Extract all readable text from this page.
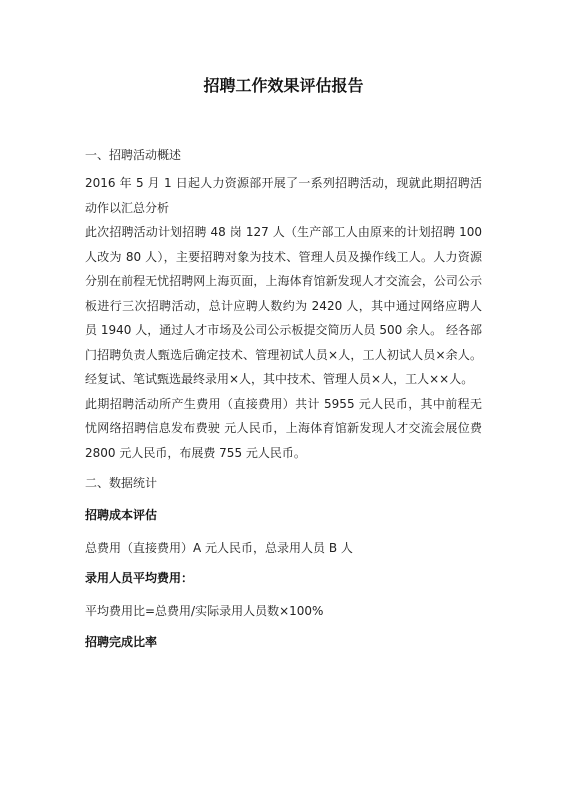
招聘工作效果评估报告

一、招聘活动概述

2016 年 5 月 1 日起人力资源部开展了一系列招聘活动，现就此期招聘活动作以汇总分析

此次招聘活动计划招聘 48 岗 127 人（生产部工人由原来的计划招聘 100 人改为 80 人），主要招聘对象为技术、管理人员及操作线工人。人力资源分别在前程无忧招聘网上海页面，上海体育馆新发现人才交流会，公司公示板进行三次招聘活动，总计应聘人数约为 2420 人，其中通过网络应聘人员 1940 人，通过人才市场及公司公示板提交简历人员 500 余人。 经各部门招聘负责人甄选后确定技术、管理初试人员×人，工人初试人员×余人。经复试、笔试甄选最终录用×人，其中技术、管理人员×人，工人××人。

此期招聘活动所产生费用（直接费用）共计 5955 元人民币，其中前程无忧网络招聘信息发布费驶 元人民币，上海体育馆新发现人才交流会展位费 2800 元人民币，布展费 755 元人民币。

二、数据统计

招聘成本评估

总费用（直接费用）A 元人民币，总录用人员 B 人

录用人员平均费用：

平均费用比=总费用/实际录用人员数×100%

招聘完成比率
